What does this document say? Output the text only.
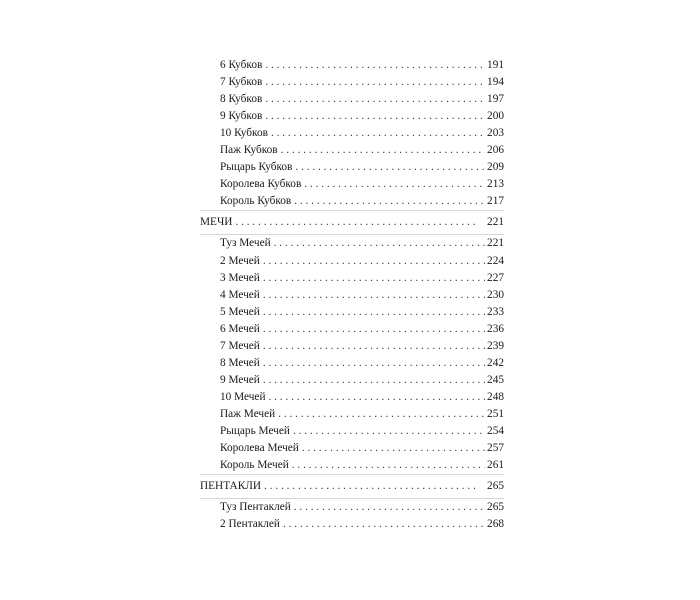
6 Кубков . . .	191
7 Кубков . . .	194
8 Кубков . . .	197
9 Кубков . . .	200
10 Кубков . . .	203
Паж Кубков . . .	206
Рыцарь Кубков . . .	209
Королева Кубков . . .	213
Король Кубков . . .	217
МЕЧИ . . .	221
Туз Мечей . . .	221
2 Мечей . . .	224
3 Мечей . . .	227
4 Мечей . . .	230
5 Мечей . . .	233
6 Мечей . . .	236
7 Мечей . . .	239
8 Мечей . . .	242
9 Мечей . . .	245
10 Мечей . . .	248
Паж Мечей . . .	251
Рыцарь Мечей . . .	254
Королева Мечей . . .	257
Король Мечей . . .	261
ПЕНТАКЛИ . . .	265
Туз Пентаклей . . .	265
2 Пентаклей . . .	268
